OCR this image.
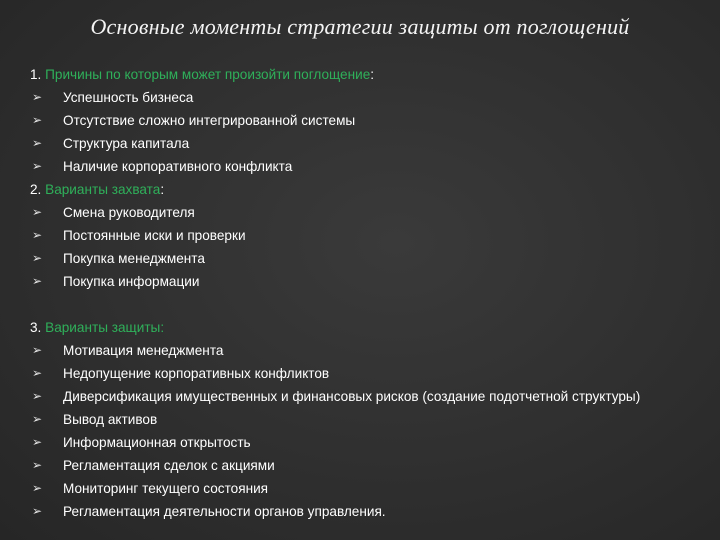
Основные моменты стратегии защиты от поглощений
1. Причины по которым может произойти поглощение:
➢ Успешность бизнеса
➢ Отсутствие сложно интегрированной системы
➢ Структура капитала
➢ Наличие корпоративного конфликта
2. Варианты захвата:
➢ Смена руководителя
➢ Постоянные иски и проверки
➢ Покупка менеджмента
➢ Покупка информации
3. Варианты защиты:
➢ Мотивация менеджмента
➢ Недопущение корпоративных конфликтов
➢ Диверсификация имущественных и финансовых рисков (создание подотчетной структуры)
➢ Вывод активов
➢ Информационная открытость
➢ Регламентация сделок с акциями
➢ Мониторинг текущего состояния
➢ Регламентация деятельности органов управления.
